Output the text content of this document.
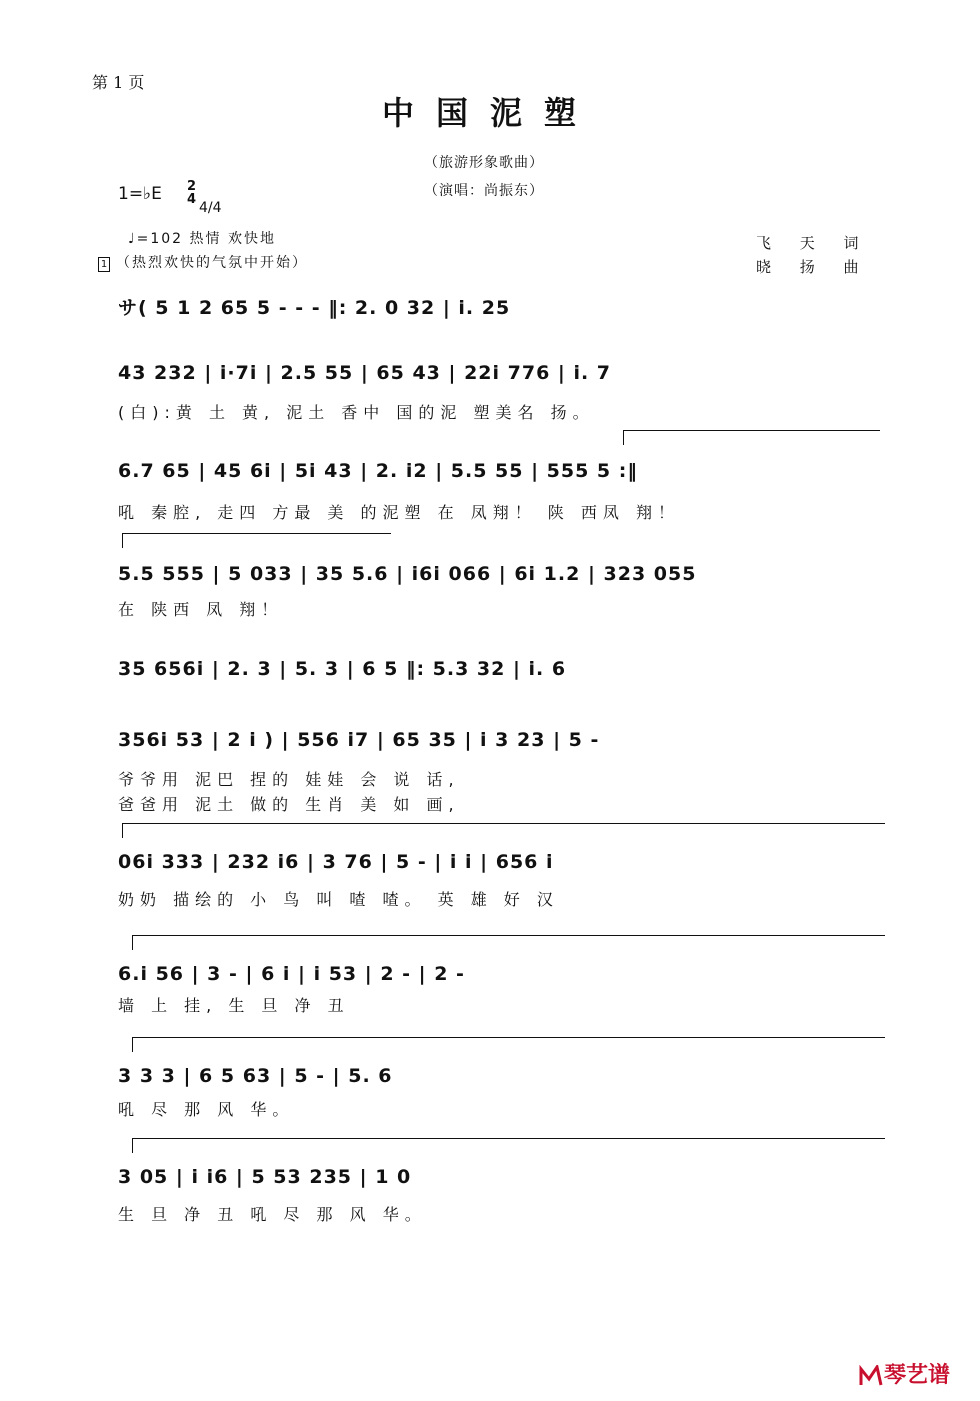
第 1 页
中国泥塑
（旅游形象歌曲）
（演唱：尚振东）
1=♭E 2
4
4/4
♩=102 热情 欢快地
1 （热烈欢快的气氛中开始）
飞 天 词
晓 扬 曲
サ( 5 1 2 65 5 - - - ‖: 2. 0 32 | i. 25
43 232 | i·7i | 2.5 55 | 65 43 | 22i 776 | i. 7
(白):黄 土 黄, 泥土 香中 国的泥 塑美名 扬。
6.7 65 | 45 6i | 5i 43 | 2. i2 | 5.5 55 | 555 5 :‖
吼 秦腔, 走四 方最 美 的泥塑 在 凤翔！ 陕 西凤 翔！
5.5 555 | 5 033 | 35 5.6 | i6i 066 | 6i 1.2 | 323 055
在 陕西 凤 翔！
35 656i | 2. 3 | 5. 3 | 6 5 ‖: 5.3 32 | i. 6
356i 53 | 2 i ) | 556 i7 | 65 35 | i 3 23 | 5 -
爷爷用 泥巴 捏的 娃娃 会 说 话,
爸爸用 泥土 做的 生肖 美 如 画,
06i 333 | 232 i6 | 3 76 | 5 - | i i | 656 i
奶奶 描绘的 小 鸟 叫 喳 喳。 英 雄 好 汉
6.i 56 | 3 - | 6 i | i 53 | 2 - | 2 -
墙 上 挂, 生 旦 净 丑
3 3 3 | 6 5 63 | 5 - | 5. 6
吼 尽 那 风 华。
3 05 | i i6 | 5 53 235 | 1 0
生 旦 净 丑 吼 尽 那 风 华。
琴艺谱
